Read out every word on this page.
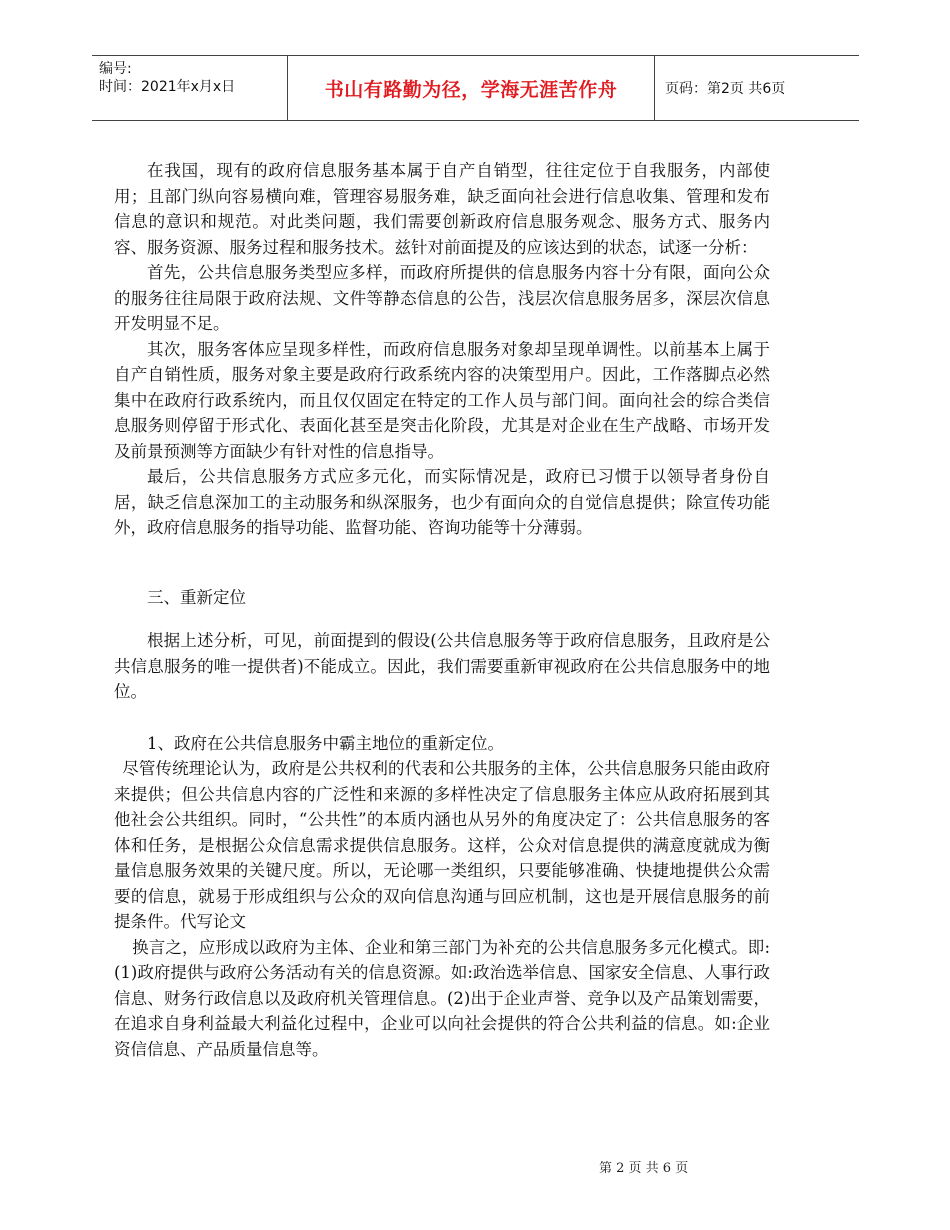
编号:
时间：2021年x月x日	书山有路勤为径，学海无涯苦作舟	页码：第2页 共6页

在我国，现有的政府信息服务基本属于自产自销型，往往定位于自我服务，内部使用；且部门纵向容易横向难，管理容易服务难，缺乏面向社会进行信息收集、管理和发布信息的意识和规范。对此类问题，我们需要创新政府信息服务观念、服务方式、服务内容、服务资源、服务过程和服务技术。兹针对前面提及的应该达到的状态，试逐一分析：

首先，公共信息服务类型应多样，而政府所提供的信息服务内容十分有限，面向公众的服务往往局限于政府法规、文件等静态信息的公告，浅层次信息服务居多，深层次信息开发明显不足。

其次，服务客体应呈现多样性，而政府信息服务对象却呈现单调性。以前基本上属于自产自销性质，服务对象主要是政府行政系统内容的决策型用户。因此，工作落脚点必然集中在政府行政系统内，而且仅仅固定在特定的工作人员与部门间。面向社会的综合类信息服务则停留于形式化、表面化甚至是突击化阶段，尤其是对企业在生产战略、市场开发及前景预测等方面缺少有针对性的信息指导。

最后，公共信息服务方式应多元化，而实际情况是，政府已习惯于以领导者身份自居，缺乏信息深加工的主动服务和纵深服务，也少有面向众的自觉信息提供；除宣传功能外，政府信息服务的指导功能、监督功能、咨询功能等十分薄弱。

三、重新定位

根据上述分析，可见，前面提到的假设(公共信息服务等于政府信息服务，且政府是公共信息服务的唯一提供者)不能成立。因此，我们需要重新审视政府在公共信息服务中的地位。

1、政府在公共信息服务中霸主地位的重新定位。

尽管传统理论认为，政府是公共权利的代表和公共服务的主体，公共信息服务只能由政府来提供；但公共信息内容的广泛性和来源的多样性决定了信息服务主体应从政府拓展到其他社会公共组织。同时，“公共性”的本质内涵也从另外的角度决定了：公共信息服务的客体和任务，是根据公众信息需求提供信息服务。这样，公众对信息提供的满意度就成为衡量信息服务效果的关键尺度。所以，无论哪一类组织，只要能够准确、快捷地提供公众需要的信息，就易于形成组织与公众的双向信息沟通与回应机制，这也是开展信息服务的前提条件。代写论文

换言之，应形成以政府为主体、企业和第三部门为补充的公共信息服务多元化模式。即:(1)政府提供与政府公务活动有关的信息资源。如:政治选举信息、国家安全信息、人事行政信息、财务行政信息以及政府机关管理信息。(2)出于企业声誉、竞争以及产品策划需要，在追求自身利益最大利益化过程中，企业可以向社会提供的符合公共利益的信息。如:企业资信信息、产品质量信息等。

第 2 页 共 6 页
